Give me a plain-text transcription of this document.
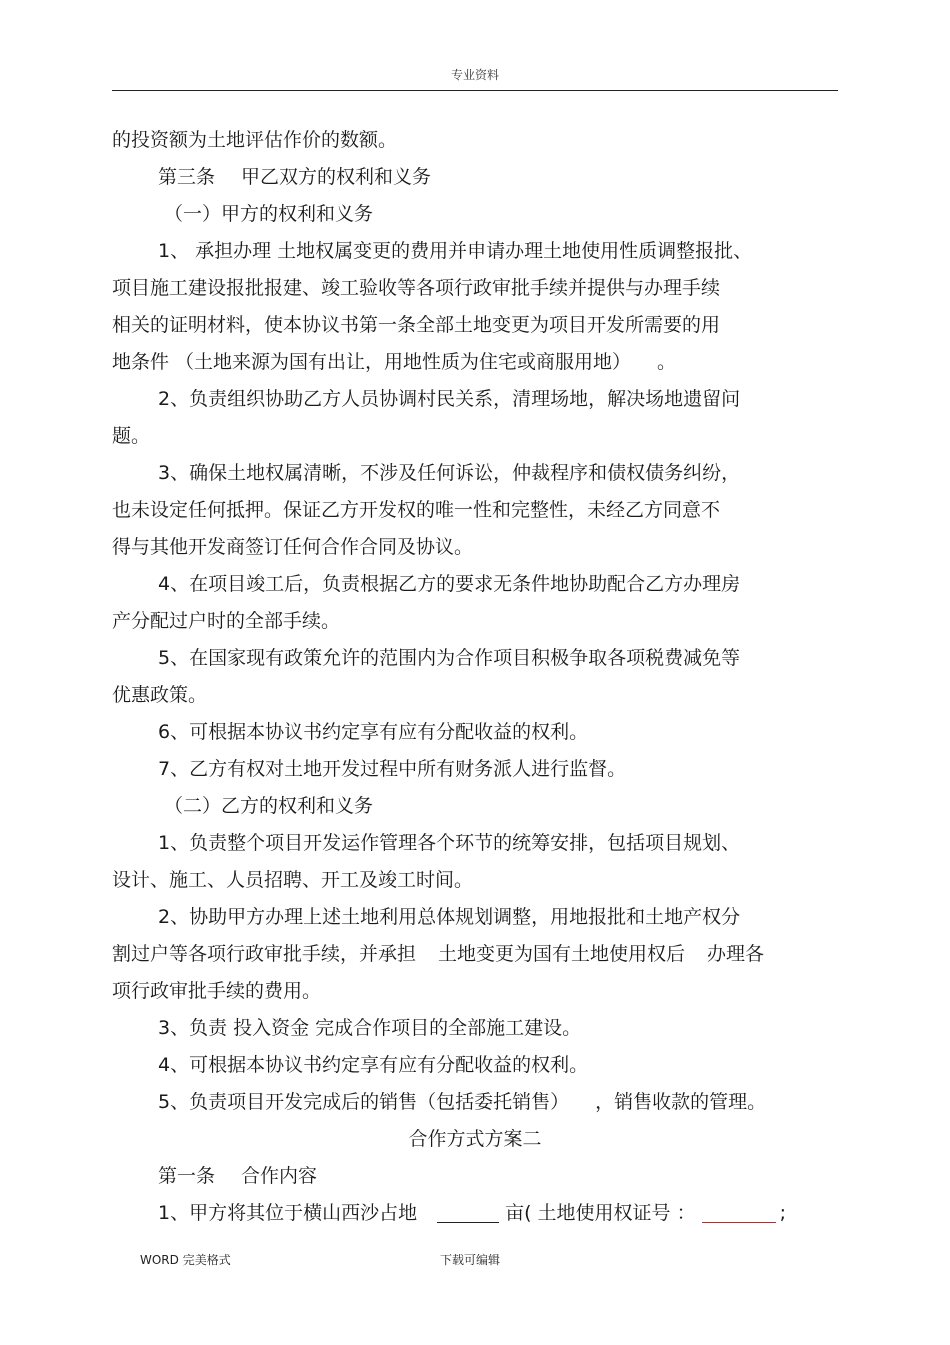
专业资料
的投资额为土地评估作价的数额。
第三条 甲乙双方的权利和义务
（一）甲方的权利和义务
1、 承担办理 土地权属变更的费用并申请办理土地使用性质调整报批、
项目施工建设报批报建、竣工验收等各项行政审批手续并提供与办理手续
相关的证明材料，使本协议书第一条全部土地变更为项目开发所需要的用
地条件 （土地来源为国有出让，用地性质为住宅或商服用地） 。
2、负责组织协助乙方人员协调村民关系，清理场地，解决场地遗留问
题。
3、确保土地权属清晰，不涉及任何诉讼，仲裁程序和债权债务纠纷，
也未设定任何抵押。保证乙方开发权的唯一性和完整性，未经乙方同意不
得与其他开发商签订任何合作合同及协议。
4、在项目竣工后，负责根据乙方的要求无条件地协助配合乙方办理房
产分配过户时的全部手续。
5、在国家现有政策允许的范围内为合作项目积极争取各项税费减免等
优惠政策。
6、可根据本协议书约定享有应有分配收益的权利。
7、乙方有权对土地开发过程中所有财务派人进行监督。
（二）乙方的权利和义务
1、负责整个项目开发运作管理各个环节的统筹安排，包括项目规划、
设计、施工、人员招聘、开工及竣工时间。
2、协助甲方办理上述土地利用总体规划调整，用地报批和土地产权分
割过户等各项行政审批手续，并承担 土地变更为国有土地使用权后 办理各
项行政审批手续的费用。
3、负责 投入资金 完成合作项目的全部施工建设。
4、可根据本协议书约定享有应有分配收益的权利。
5、负责项目开发完成后的销售（包括委托销售） ，销售收款的管理。
合作方式方案二
第一条 合作内容
1、甲方将其位于横山西沙占地	亩( 土地使用权证号 ：	;
WORD 完美格式	下载可编辑
